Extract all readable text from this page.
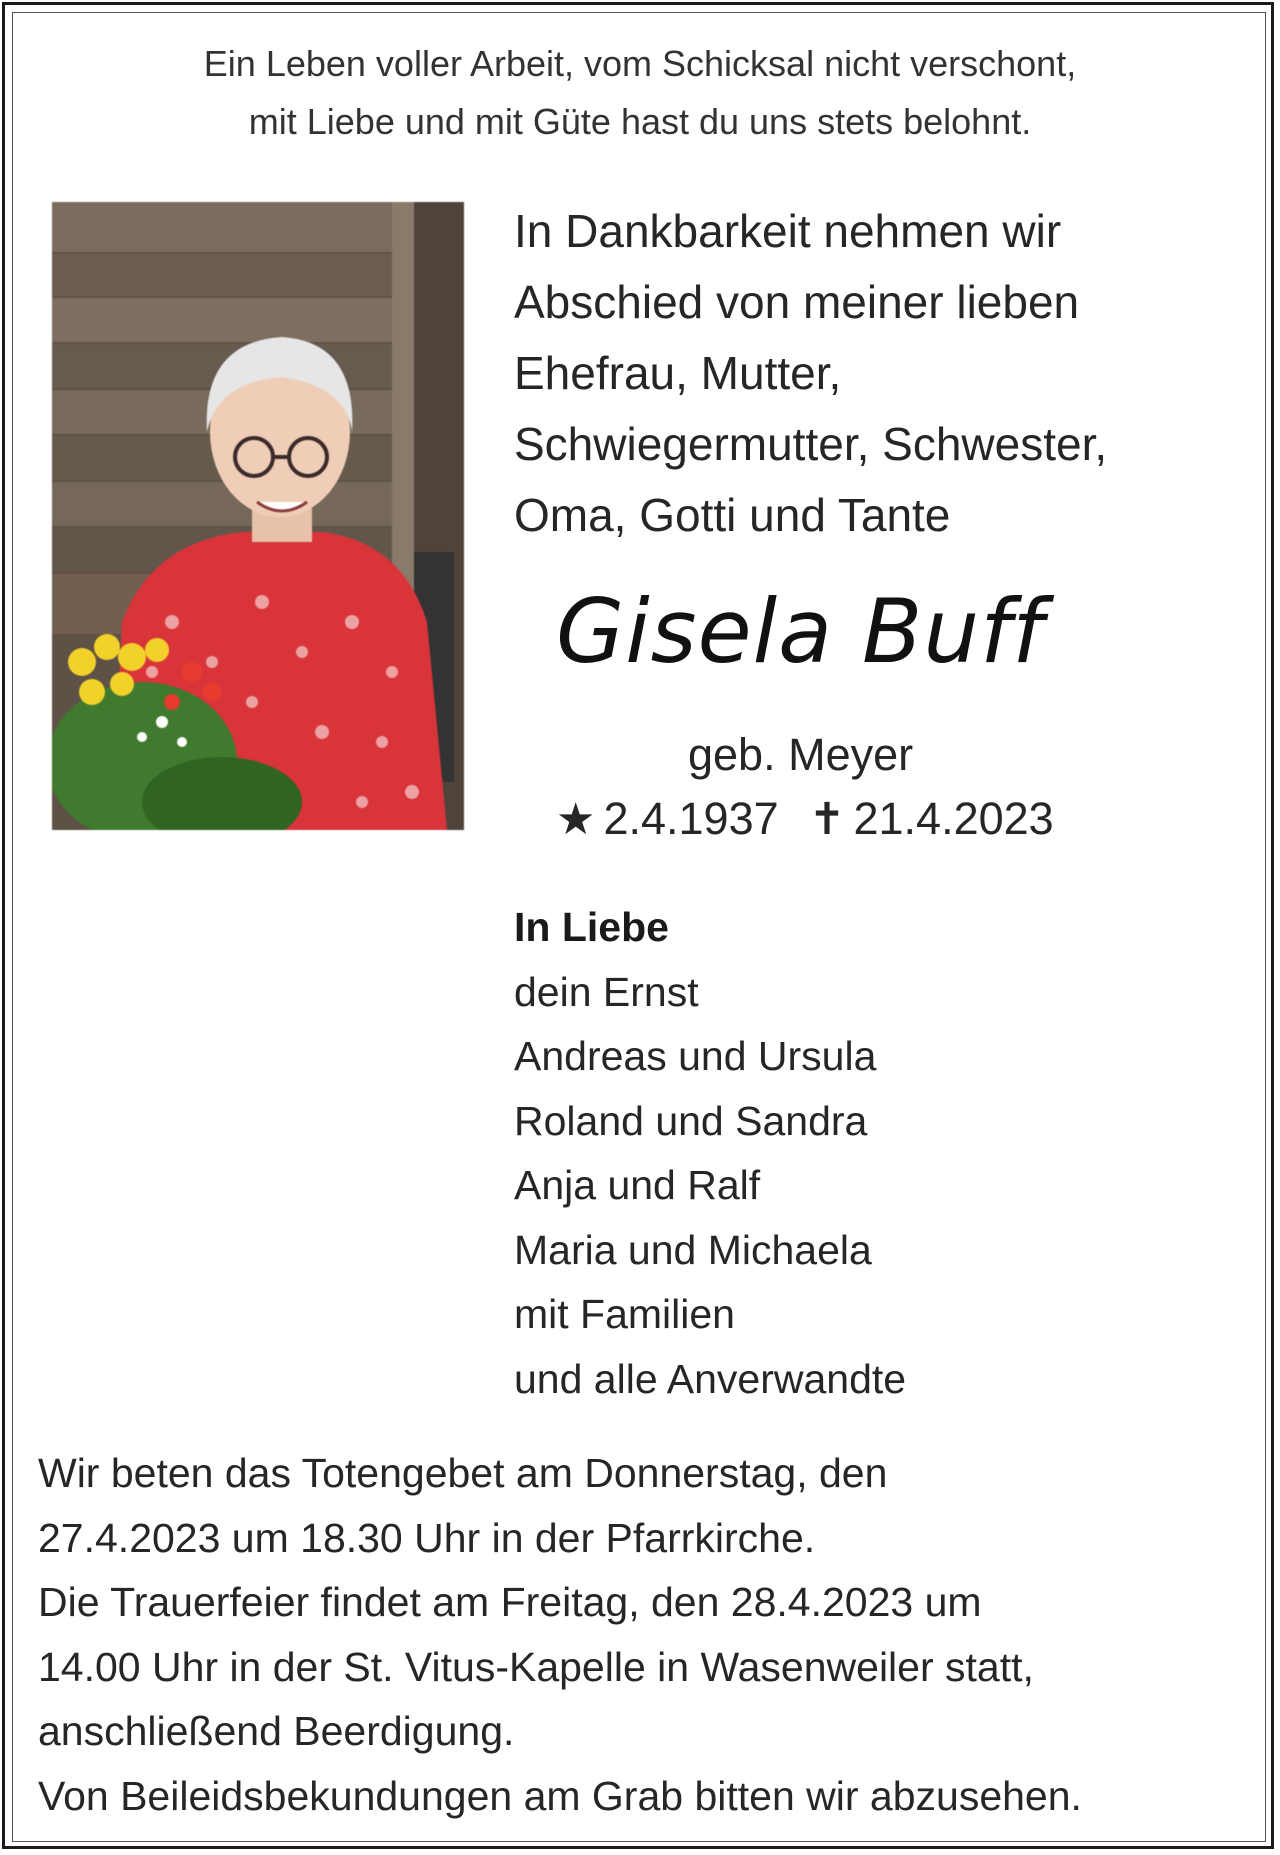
Ein Leben voller Arbeit, vom Schicksal nicht verschont,
mit Liebe und mit Güte hast du uns stets belohnt.
In Dankbarkeit nehmen wir
Abschied von meiner lieben
Ehefrau, Mutter,
Schwiegermutter, Schwester,
Oma, Gotti und Tante
Gisela Buff
geb. Meyer
★ 2.4.1937 ✝ 21.4.2023
In Liebe
dein Ernst
Andreas und Ursula
Roland und Sandra
Anja und Ralf
Maria und Michaela
mit Familien
und alle Anverwandte
Wir beten das Totengebet am Donnerstag, den
27.4.2023 um 18.30 Uhr in der Pfarrkirche.
Die Trauerfeier findet am Freitag, den 28.4.2023 um
14.00 Uhr in der St. Vitus-Kapelle in Wasenweiler statt,
anschließend Beerdigung.
Von Beileidsbekundungen am Grab bitten wir abzusehen.
